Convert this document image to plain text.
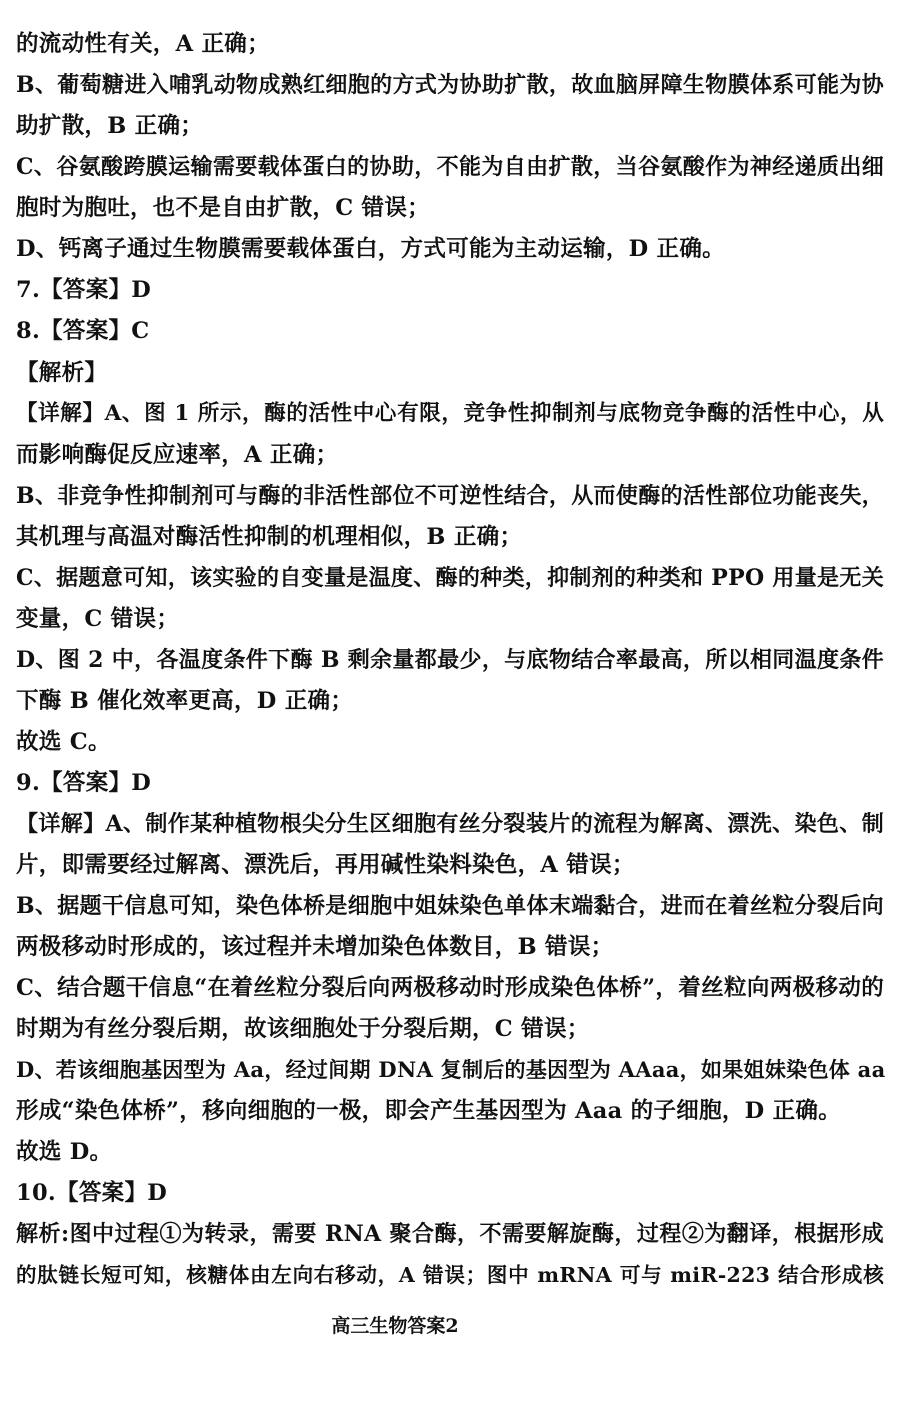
的流动性有关，A 正确；
B、葡萄糖进入哺乳动物成熟红细胞的方式为协助扩散，故血脑屏障生物膜体系可能为协
助扩散，B 正确；
C、谷氨酸跨膜运输需要载体蛋白的协助，不能为自由扩散，当谷氨酸作为神经递质出细
胞时为胞吐，也不是自由扩散，C 错误；
D、钙离子通过生物膜需要载体蛋白，方式可能为主动运输，D 正确。
7.【答案】D
8.【答案】C
【解析】
【详解】A、图 1 所示，酶的活性中心有限，竞争性抑制剂与底物竞争酶的活性中心，从
而影响酶促反应速率，A 正确；
B、非竞争性抑制剂可与酶的非活性部位不可逆性结合，从而使酶的活性部位功能丧失，
其机理与高温对酶活性抑制的机理相似，B 正确；
C、据题意可知，该实验的自变量是温度、酶的种类，抑制剂的种类和 PPO 用量是无关
变量，C 错误；
D、图 2 中，各温度条件下酶 B 剩余量都最少，与底物结合率最高，所以相同温度条件
下酶 B 催化效率更高，D 正确；
故选 C。
9.【答案】D
【详解】A、制作某种植物根尖分生区细胞有丝分裂装片的流程为解离、漂洗、染色、制
片，即需要经过解离、漂洗后，再用碱性染料染色，A 错误；
B、据题干信息可知，染色体桥是细胞中姐妹染色单体末端黏合，进而在着丝粒分裂后向
两极移动时形成的，该过程并未增加染色体数目，B 错误；
C、结合题干信息“在着丝粒分裂后向两极移动时形成染色体桥”，着丝粒向两极移动的
时期为有丝分裂后期，故该细胞处于分裂后期，C 错误；
D、若该细胞基因型为 Aa，经过间期 DNA 复制后的基因型为 AAaa，如果姐妹染色体 aa
形成“染色体桥”，移向细胞的一极，即会产生基因型为 Aaa 的子细胞，D 正确。
故选 D。
10.【答案】D
解析:图中过程①为转录，需要 RNA 聚合酶，不需要解旋酶，过程②为翻译，根据形成
的肽链长短可知，核糖体由左向右移动，A 错误；图中 mRNA 可与 miR-223 结合形成核
高三生物答案2
